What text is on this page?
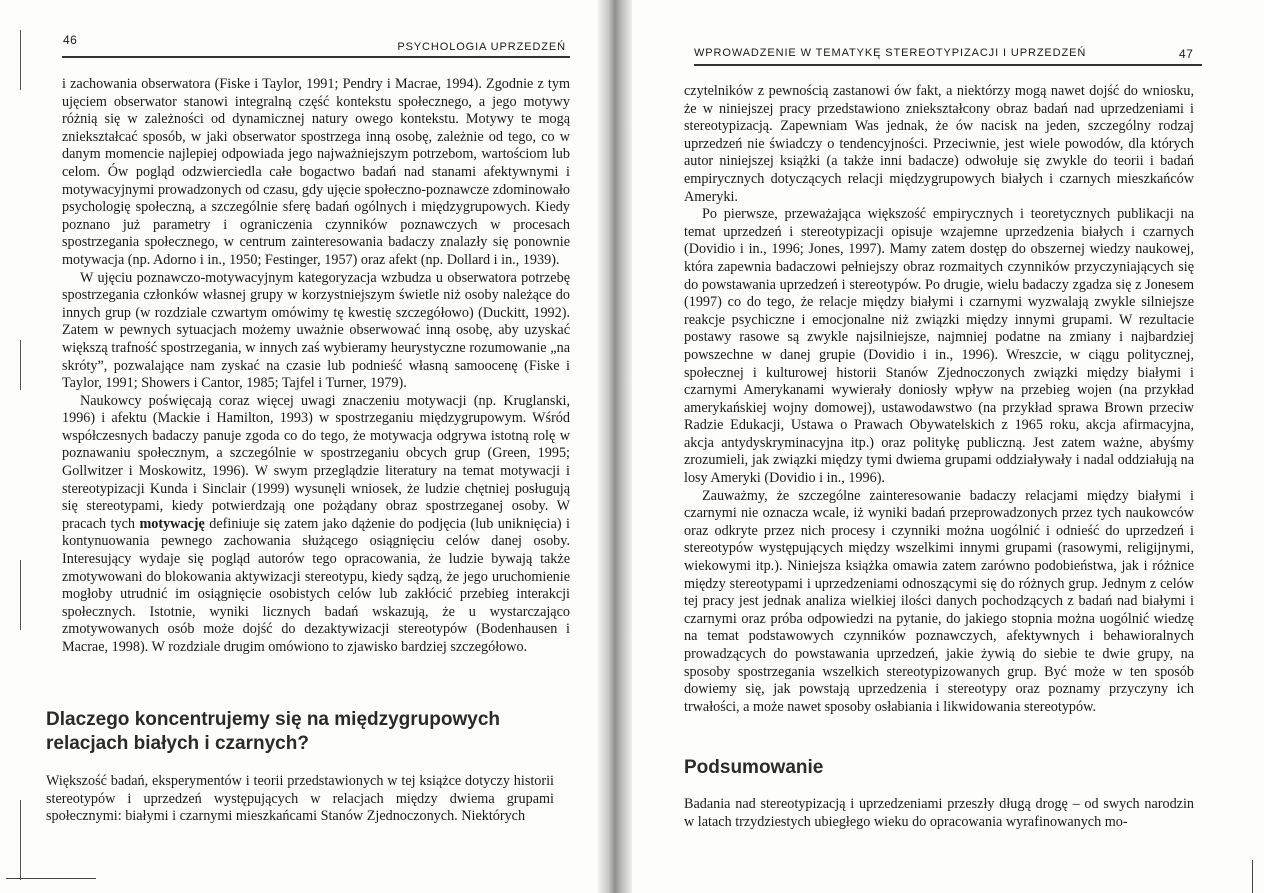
46	PSYCHOLOGIA UPRZEDZEŃ

i zachowania obserwatora (Fiske i Taylor, 1991; Pendry i Macrae, 1994). Zgodnie z tym ujęciem obserwator stanowi integralną część kontekstu społecznego, a jego motywy różnią się w zależności od dynamicznej natury owego kontekstu. Motywy te mogą zniekształcać sposób, w jaki obserwator spostrzega inną osobę, zależnie od tego, co w danym momencie najlepiej odpowiada jego najważniejszym potrzebom, wartościom lub celom. Ów pogląd odzwierciedla całe bogactwo badań nad stanami afektywnymi i motywacyjnymi prowadzonych od czasu, gdy ujęcie społeczno-poznawcze zdominowało psychologię społeczną, a szczególnie sferę badań ogólnych i międzygrupowych. Kiedy poznano już parametry i ograniczenia czynników poznawczych w procesach spostrzegania społecznego, w centrum zainteresowania badaczy znalazły się ponownie motywacja (np. Adorno i in., 1950; Festinger, 1957) oraz afekt (np. Dollard i in., 1939).

W ujęciu poznawczo-motywacyjnym kategoryzacja wzbudza u obserwatora potrzebę spostrzegania członków własnej grupy w korzystniejszym świetle niż osoby należące do innych grup (w rozdziale czwartym omówimy tę kwestię szczegółowo) (Duckitt, 1992). Zatem w pewnych sytuacjach możemy uważnie obserwować inną osobę, aby uzyskać większą trafność spostrzegania, w innych zaś wybieramy heurystyczne rozumowanie „na skróty”, pozwalające nam zyskać na czasie lub podnieść własną samoocenę (Fiske i Taylor, 1991; Showers i Cantor, 1985; Tajfel i Turner, 1979).

Naukowcy poświęcają coraz więcej uwagi znaczeniu motywacji (np. Kruglanski, 1996) i afektu (Mackie i Hamilton, 1993) w spostrzeganiu międzygrupowym. Wśród współczesnych badaczy panuje zgoda co do tego, że motywacja odgrywa istotną rolę w poznawaniu społecznym, a szczególnie w spostrzeganiu obcych grup (Green, 1995; Gollwitzer i Moskowitz, 1996). W swym przeglądzie literatury na temat motywacji i stereotypizacji Kunda i Sinclair (1999) wysunęli wniosek, że ludzie chętniej posługują się stereotypami, kiedy potwierdzają one pożądany obraz spostrzeganej osoby. W pracach tych motywację definiuje się zatem jako dążenie do podjęcia (lub uniknięcia) i kontynuowania pewnego zachowania służącego osiągnięciu celów danej osoby. Interesujący wydaje się pogląd autorów tego opracowania, że ludzie bywają także zmotywowani do blokowania aktywizacji stereotypu, kiedy sądzą, że jego uruchomienie mogłoby utrudnić im osiągnięcie osobistych celów lub zakłócić przebieg interakcji społecznych. Istotnie, wyniki licznych badań wskazują, że u wystarczająco zmotywowanych osób może dojść do dezaktywizacji stereotypów (Bodenhausen i Macrae, 1998). W rozdziale drugim omówiono to zjawisko bardziej szczegółowo.

Dlaczego koncentrujemy się na międzygrupowych relacjach białych i czarnych?

Większość badań, eksperymentów i teorii przedstawionych w tej książce dotyczy historii stereotypów i uprzedzeń występujących w relacjach między dwiema grupami społecznymi: białymi i czarnymi mieszkańcami Stanów Zjednoczonych. Niektórych

WPROWADZENIE W TEMATYKĘ STEREOTYPIZACJI I UPRZEDZEŃ	47

czytelników z pewnością zastanowi ów fakt, a niektórzy mogą nawet dojść do wniosku, że w niniejszej pracy przedstawiono zniekształcony obraz badań nad uprzedzeniami i stereotypizacją. Zapewniam Was jednak, że ów nacisk na jeden, szczególny rodzaj uprzedzeń nie świadczy o tendencyjności. Przeciwnie, jest wiele powodów, dla których autor niniejszej książki (a także inni badacze) odwołuje się zwykle do teorii i badań empirycznych dotyczących relacji międzygrupowych białych i czarnych mieszkańców Ameryki.

Po pierwsze, przeważająca większość empirycznych i teoretycznych publikacji na temat uprzedzeń i stereotypizacji opisuje wzajemne uprzedzenia białych i czarnych (Dovidio i in., 1996; Jones, 1997). Mamy zatem dostęp do obszernej wiedzy naukowej, która zapewnia badaczowi pełniejszy obraz rozmaitych czynników przyczyniających się do powstawania uprzedzeń i stereotypów. Po drugie, wielu badaczy zgadza się z Jonesem (1997) co do tego, że relacje między białymi i czarnymi wyzwalają zwykle silniejsze reakcje psychiczne i emocjonalne niż związki między innymi grupami. W rezultacie postawy rasowe są zwykle najsilniejsze, najmniej podatne na zmiany i najbardziej powszechne w danej grupie (Dovidio i in., 1996). Wreszcie, w ciągu politycznej, społecznej i kulturowej historii Stanów Zjednoczonych związki między białymi i czarnymi Amerykanami wywierały doniosły wpływ na przebieg wojen (na przykład amerykańskiej wojny domowej), ustawodawstwo (na przykład sprawa Brown przeciw Radzie Edukacji, Ustawa o Prawach Obywatelskich z 1965 roku, akcja afirmacyjna, akcja antydyskryminacyjna itp.) oraz politykę publiczną. Jest zatem ważne, abyśmy zrozumieli, jak związki między tymi dwiema grupami oddziaływały i nadal oddziałują na losy Ameryki (Dovidio i in., 1996).

Zauważmy, że szczególne zainteresowanie badaczy relacjami między białymi i czarnymi nie oznacza wcale, iż wyniki badań przeprowadzonych przez tych naukowców oraz odkryte przez nich procesy i czynniki można uogólnić i odnieść do uprzedzeń i stereotypów występujących między wszelkimi innymi grupami (rasowymi, religijnymi, wiekowymi itp.). Niniejsza książka omawia zatem zarówno podobieństwa, jak i różnice między stereotypami i uprzedzeniami odnoszącymi się do różnych grup. Jednym z celów tej pracy jest jednak analiza wielkiej ilości danych pochodzących z badań nad białymi i czarnymi oraz próba odpowiedzi na pytanie, do jakiego stopnia można uogólnić wiedzę na temat podstawowych czynników poznawczych, afektywnych i behawioralnych prowadzących do powstawania uprzedzeń, jakie żywią do siebie te dwie grupy, na sposoby spostrzegania wszelkich stereotypizowanych grup. Być może w ten sposób dowiemy się, jak powstają uprzedzenia i stereotypy oraz poznamy przyczyny ich trwałości, a może nawet sposoby osłabiania i likwidowania stereotypów.

Podsumowanie

Badania nad stereotypizacją i uprzedzeniami przeszły długą drogę – od swych narodzin w latach trzydziestych ubiegłego wieku do opracowania wyrafinowanych mo-
